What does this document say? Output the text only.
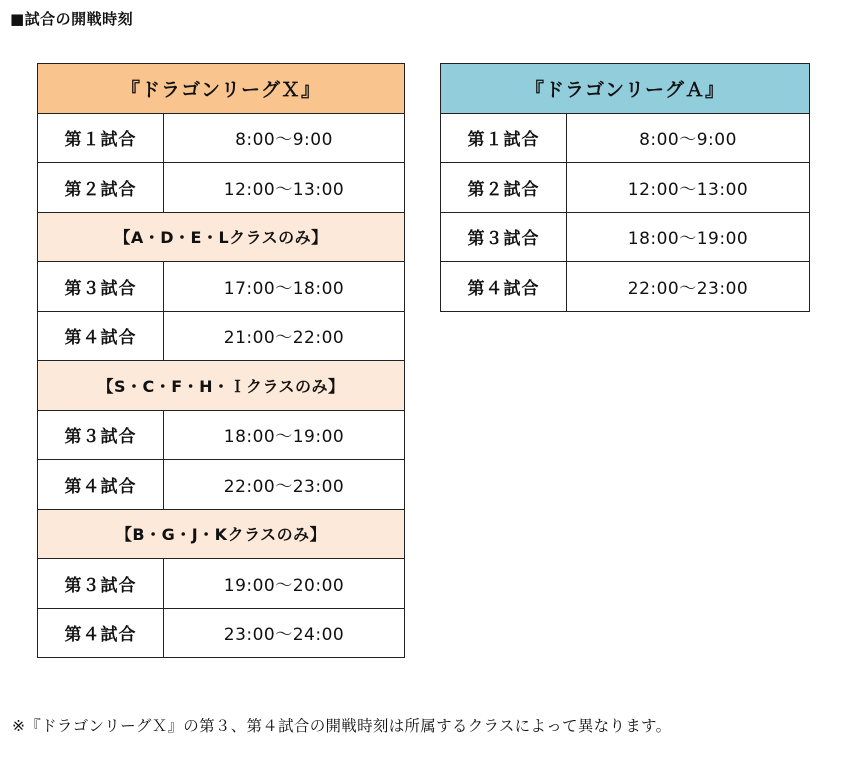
■試合の開戦時刻
『ドラゴンリーグＸ』	
第１試合	8:00～9:00
第２試合	12:00～13:00
【A・D・E・Lクラスのみ】	
第３試合	17:00～18:00
第４試合	21:00～22:00
【S・C・F・H・Ｉクラスのみ】	
第３試合	18:00～19:00
第４試合	22:00～23:00
【B・G・J・Kクラスのみ】	
第３試合	19:00～20:00
第４試合	23:00～24:00
『ドラゴンリーグＡ』	
第１試合	8:00～9:00
第２試合	12:00～13:00
第３試合	18:00～19:00
第４試合	22:00～23:00
※『ドラゴンリーグＸ』の第３、第４試合の開戦時刻は所属するクラスによって異なります。
